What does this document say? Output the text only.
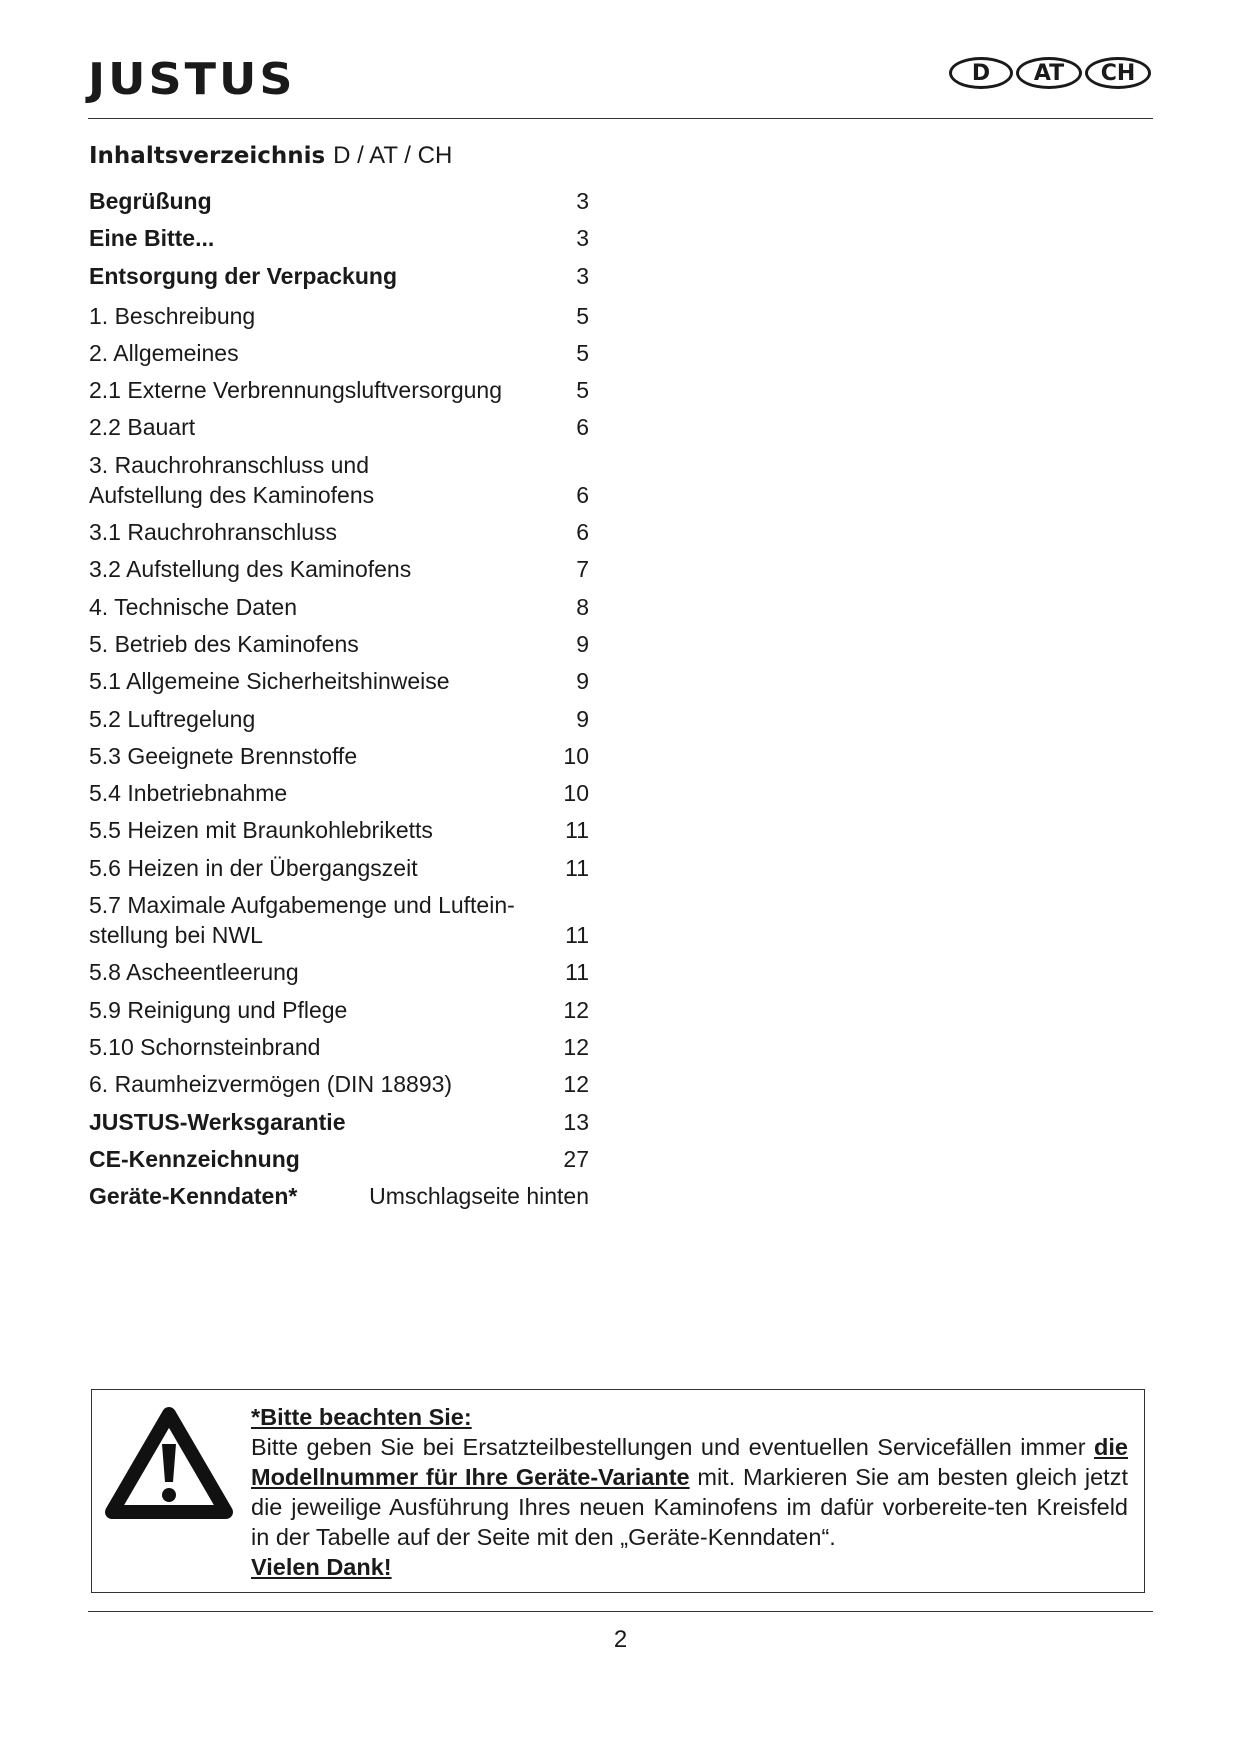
JUSTUS	D	AT	CH
Inhaltsverzeichnis D / AT / CH
Begrüßung	3
Eine Bitte...	3
Entsorgung der Verpackung	3
1. Beschreibung	5
2. Allgemeines	5
2.1 Externe Verbrennungsluftversorgung	5
2.2 Bauart	6
3. Rauchrohranschluss und
Aufstellung des Kaminofens	6
3.1 Rauchrohranschluss	6
3.2 Aufstellung des Kaminofens	7
4. Technische Daten	8
5. Betrieb des Kaminofens	9
5.1 Allgemeine Sicherheitshinweise	9
5.2 Luftregelung	9
5.3 Geeignete Brennstoffe	10
5.4 Inbetriebnahme	10
5.5 Heizen mit Braunkohlebriketts	11
5.6 Heizen in der Übergangszeit	11
5.7 Maximale Aufgabemenge und Luftein-
stellung bei NWL	11
5.8 Ascheentleerung	11
5.9 Reinigung und Pflege	12
5.10 Schornsteinbrand	12
6. Raumheizvermögen (DIN 18893)	12
JUSTUS-Werksgarantie	13
CE-Kennzeichnung	27
Geräte-Kenndaten*	Umschlagseite hinten
*Bitte beachten Sie:
Bitte geben Sie bei Ersatzteilbestellungen und eventuellen Servicefällen immer die Modellnummer für Ihre Geräte-Variante mit. Markieren Sie am besten gleich jetzt die jeweilige Ausführung Ihres neuen Kaminofens im dafür vorbereite-ten Kreisfeld in der Tabelle auf der Seite mit den „Geräte-Kenndaten“.
Vielen Dank!
2
